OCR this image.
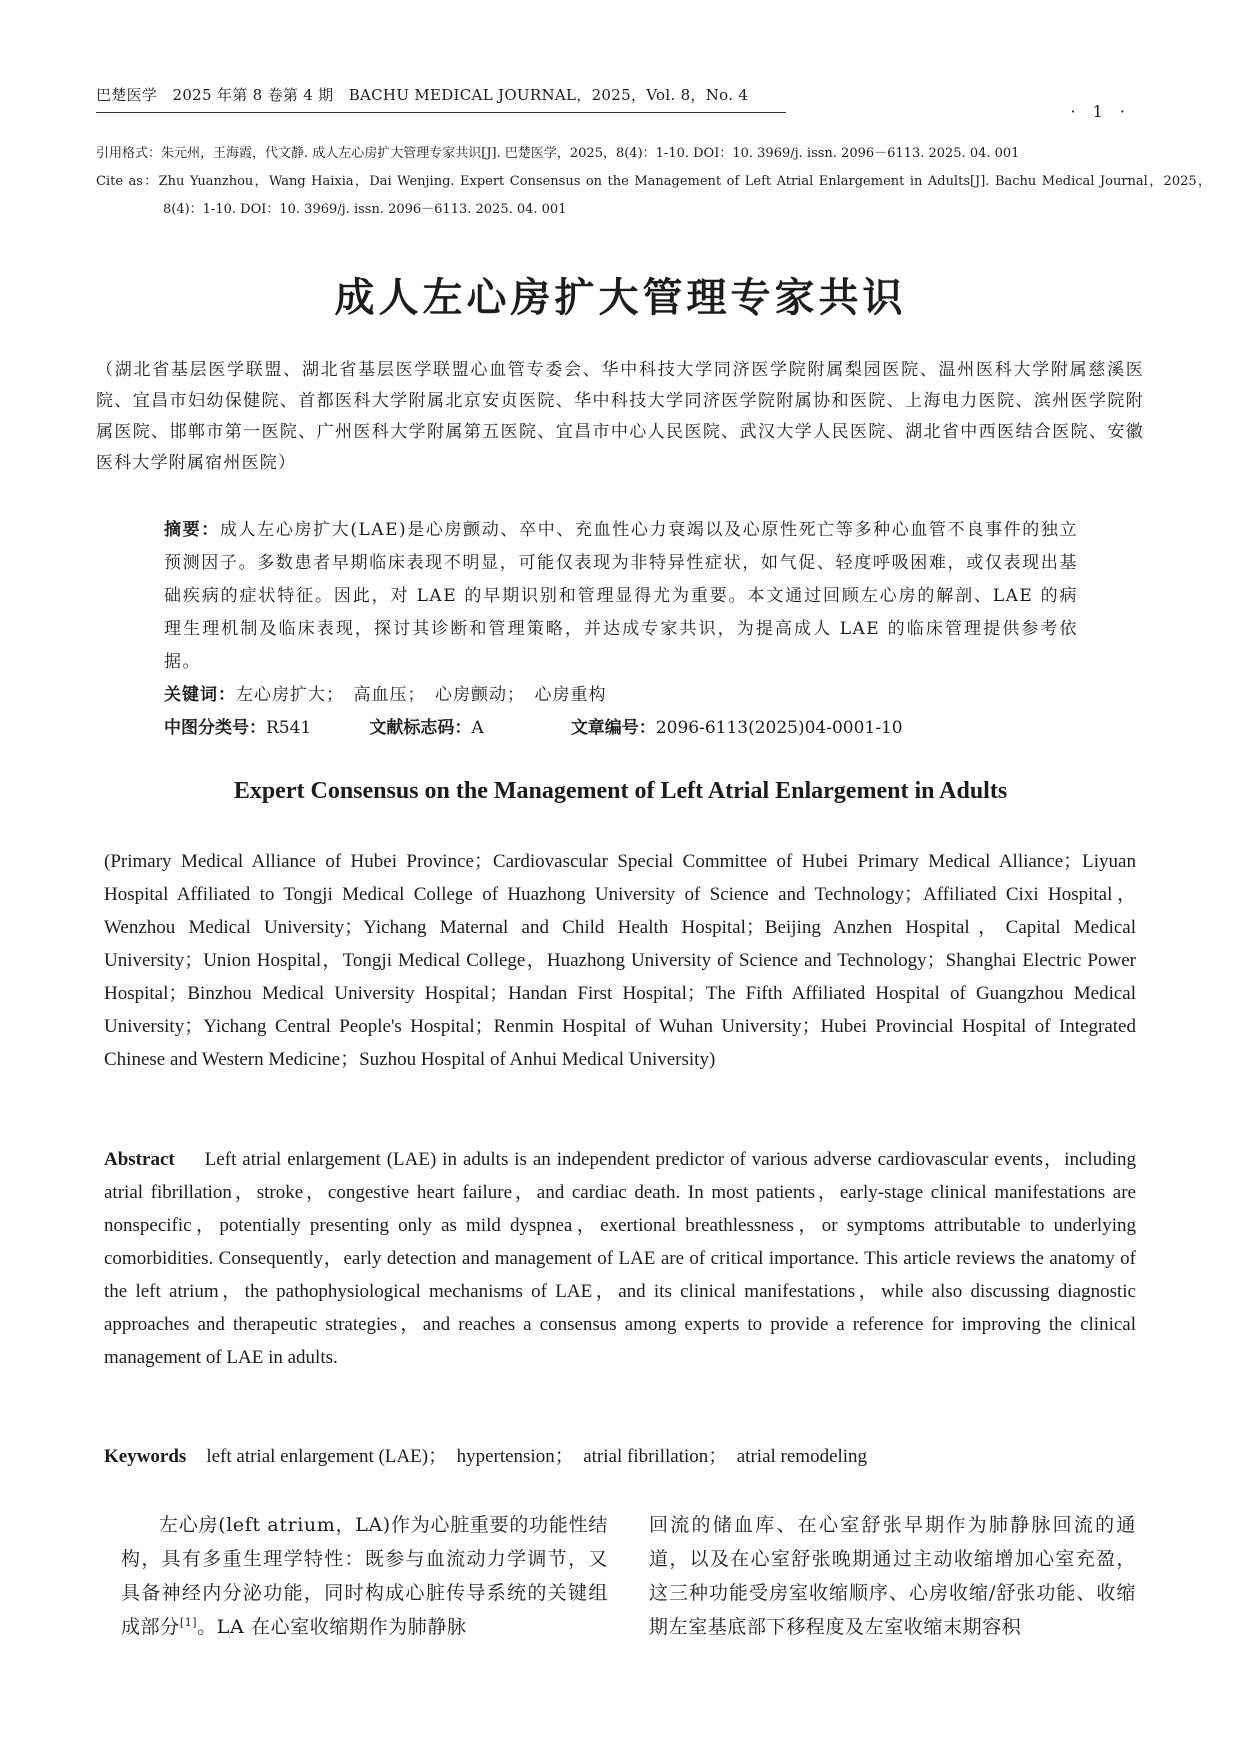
巴楚医学　2025 年第 8 卷第 4 期　BACHU MEDICAL JOURNAL，2025，Vol. 8，No. 4
· 1 ·
引用格式：朱元州，王海霞，代文静. 成人左心房扩大管理专家共识[J]. 巴楚医学，2025，8(4)：1-10. DOI：10. 3969/j. issn. 2096－6113. 2025. 04. 001
Cite as：Zhu Yuanzhou，Wang Haixia，Dai Wenjing. Expert Consensus on the Management of Left Atrial Enlargement in Adults[J]. Bachu Medical Journal，2025，8(4)：1-10. DOI：10. 3969/j. issn. 2096－6113. 2025. 04. 001
成人左心房扩大管理专家共识
（湖北省基层医学联盟、湖北省基层医学联盟心血管专委会、华中科技大学同济医学院附属梨园医院、温州医科大学附属慈溪医院、宜昌市妇幼保健院、首都医科大学附属北京安贞医院、华中科技大学同济医学院附属协和医院、上海电力医院、滨州医学院附属医院、邯郸市第一医院、广州医科大学附属第五医院、宜昌市中心人民医院、武汉大学人民医院、湖北省中西医结合医院、安徽医科大学附属宿州医院）
摘要：成人左心房扩大(LAE)是心房颤动、卒中、充血性心力衰竭以及心原性死亡等多种心血管不良事件的独立预测因子。多数患者早期临床表现不明显，可能仅表现为非特异性症状，如气促、轻度呼吸困难，或仅表现出基础疾病的症状特征。因此，对 LAE 的早期识别和管理显得尤为重要。本文通过回顾左心房的解剖、LAE 的病理生理机制及临床表现，探讨其诊断和管理策略，并达成专家共识，为提高成人 LAE 的临床管理提供参考依据。
关键词：左心房扩大；　高血压；　心房颤动；　心房重构
中图分类号：R541	文献标志码：A	文章编号：2096-6113(2025)04-0001-10
Expert Consensus on the Management of Left Atrial Enlargement in Adults
(Primary Medical Alliance of Hubei Province；Cardiovascular Special Committee of Hubei Primary Medical Alliance；Liyuan Hospital Affiliated to Tongji Medical College of Huazhong University of Science and Technology；Affiliated Cixi Hospital，Wenzhou Medical University；Yichang Maternal and Child Health Hospital；Beijing Anzhen Hospital，Capital Medical University；Union Hospital，Tongji Medical College，Huazhong University of Science and Technology；Shanghai Electric Power Hospital；Binzhou Medical University Hospital；Handan First Hospital；The Fifth Affiliated Hospital of Guangzhou Medical University；Yichang Central People's Hospital；Renmin Hospital of Wuhan University；Hubei Provincial Hospital of Integrated Chinese and Western Medicine；Suzhou Hospital of Anhui Medical University)
Abstract Left atrial enlargement (LAE) in adults is an independent predictor of various adverse cardiovascular events，including atrial fibrillation，stroke，congestive heart failure，and cardiac death. In most patients，early-stage clinical manifestations are nonspecific，potentially presenting only as mild dyspnea，exertional breathlessness，or symptoms attributable to underlying comorbidities. Consequently，early detection and management of LAE are of critical importance. This article reviews the anatomy of the left atrium，the pathophysiological mechanisms of LAE，and its clinical manifestations，while also discussing diagnostic approaches and therapeutic strategies，and reaches a consensus among experts to provide a reference for improving the clinical management of LAE in adults.
Keywords left atrial enlargement (LAE)；　hypertension；　atrial fibrillation；　atrial remodeling
左心房(left atrium，LA)作为心脏重要的功能性结构，具有多重生理学特性：既参与血流动力学调节，又具备神经内分泌功能，同时构成心脏传导系统的关键组成部分[1]。LA 在心室收缩期作为肺静脉
回流的储血库、在心室舒张早期作为肺静脉回流的通道，以及在心室舒张晚期通过主动收缩增加心室充盈，这三种功能受房室收缩顺序、心房收缩/舒张功能、收缩期左室基底部下移程度及左室收缩末期容积
